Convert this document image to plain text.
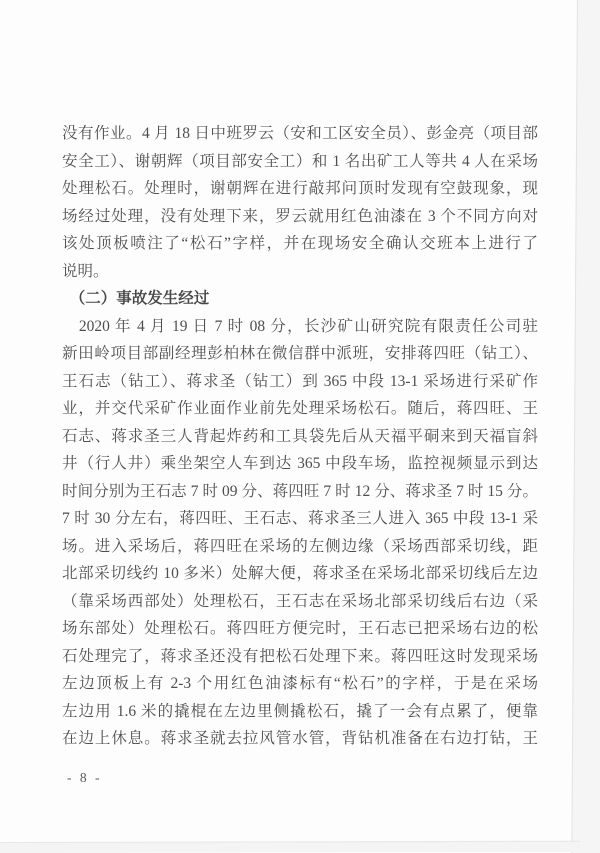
没有作业。4 月 18 日中班罗云（安和工区安全员）、彭金亮（项目部
安全工）、谢朝辉（项目部安全工）和 1 名出矿工人等共 4 人在采场
处理松石。处理时，谢朝辉在进行敲邦问顶时发现有空鼓现象，现
场经过处理，没有处理下来，罗云就用红色油漆在 3 个不同方向对
该处顶板喷注了“松石”字样，并在现场安全确认交班本上进行了
说明。
　（二）事故发生经过
　2020 年 4 月 19 日 7 时 08 分，长沙矿山研究院有限责任公司驻
新田岭项目部副经理彭柏林在微信群中派班，安排蒋四旺（钻工）、
王石志（钻工）、蒋求圣（钻工）到 365 中段 13-1 采场进行采矿作
业，并交代采矿作业面作业前先处理采场松石。随后，蒋四旺、王
石志、蒋求圣三人背起炸药和工具袋先后从天福平硐来到天福盲斜
井（行人井）乘坐架空人车到达 365 中段车场，监控视频显示到达
时间分别为王石志 7 时 09 分、蒋四旺 7 时 12 分、蒋求圣 7 时 15 分。
7 时 30 分左右，蒋四旺、王石志、蒋求圣三人进入 365 中段 13-1 采
场。进入采场后，蒋四旺在采场的左侧边缘（采场西部采切线，距
北部采切线约 10 多米）处解大便，蒋求圣在采场北部采切线后左边
（靠采场西部处）处理松石，王石志在采场北部采切线后右边（采
场东部处）处理松石。蒋四旺方便完时，王石志已把采场右边的松
石处理完了，蒋求圣还没有把松石处理下来。蒋四旺这时发现采场
左边顶板上有 2-3 个用红色油漆标有“松石”的字样，于是在采场
左边用 1.6 米的撬棍在左边里侧撬松石，撬了一会有点累了，便靠
在边上休息。蒋求圣就去拉风管水管，背钻机准备在右边打钻，王
- 8 -
